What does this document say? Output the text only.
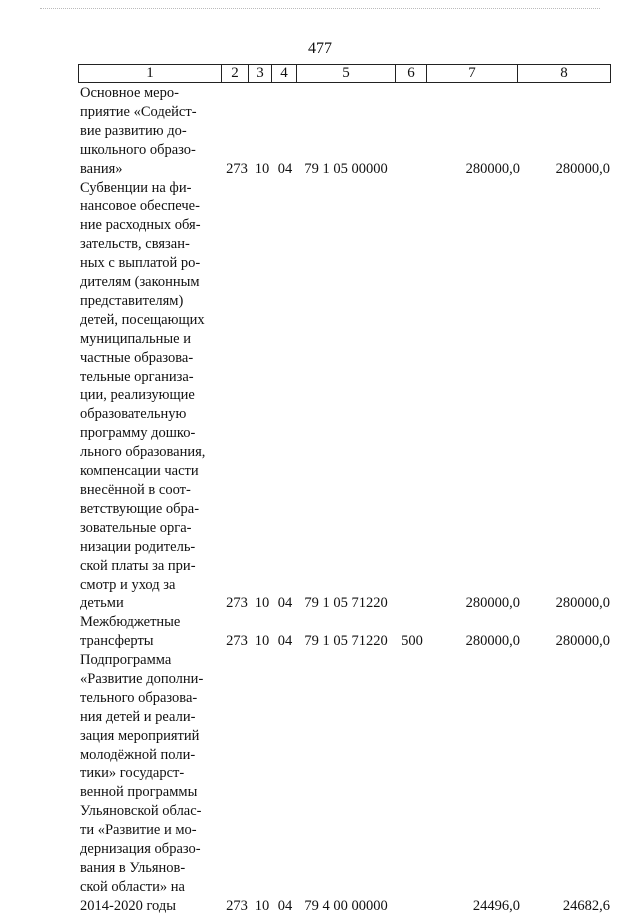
477
1	2	3	4	5	6	7	8
Основное меро-
приятие «Содейст-
вие развитию до-
школьного образо-
вания»	273 10 04 79 1 05 00000	280000,0	280000,0
Субвенции на фи-
нансовое обеспече-
ние расходных обя-
зательств, связан-
ных с выплатой ро-
дителям (законным
представителям)
детей, посещающих
муниципальные и
частные образова-
тельные организа-
ции, реализующие
образовательную
программу дошко-
льного образования,
компенсации части
внесённой в соот-
ветствующие обра-
зовательные орга-
низации родитель-
ской платы за при-
смотр и уход за
детьми	273 10 04 79 1 05 71220	280000,0	280000,0
Межбюджетные
трансферты	273 10 04 79 1 05 71220 500	280000,0	280000,0
Подпрограмма
«Развитие дополни-
тельного образова-
ния детей и реали-
зация мероприятий
молодёжной поли-
тики» государст-
венной программы
Ульяновской облас-
ти «Развитие и мо-
дернизация образо-
вания в Ульянов-
ской области» на
2014-2020 годы	273 10 04 79 4 00 00000	24496,0	24682,6
